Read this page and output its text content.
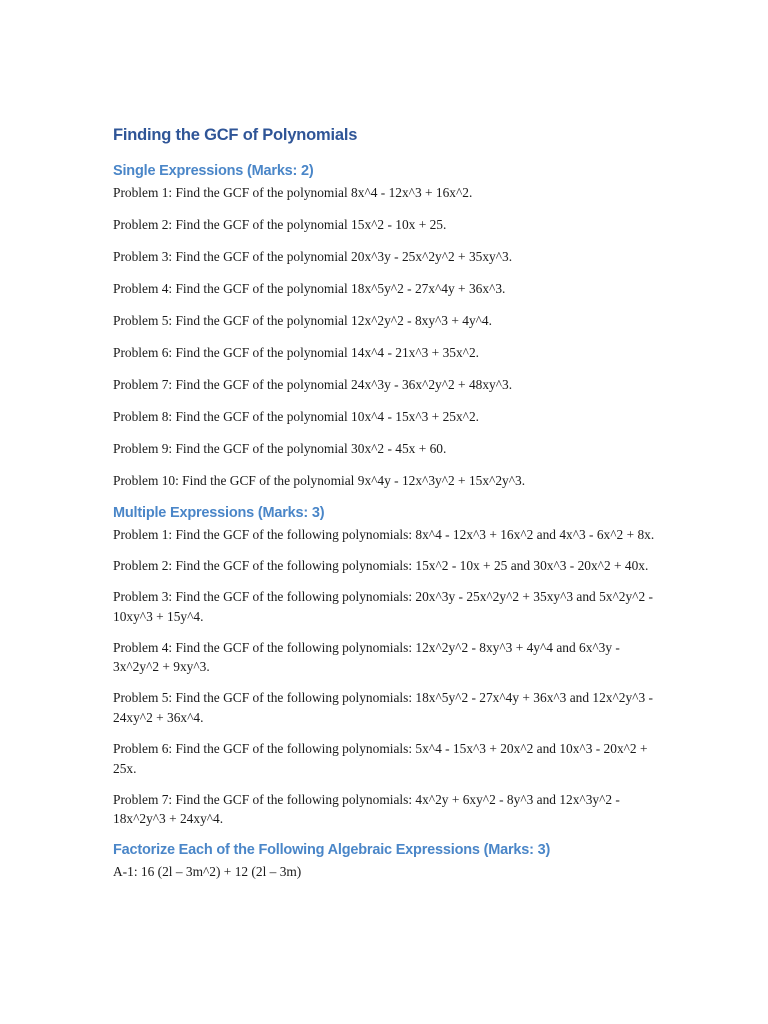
Finding the GCF of Polynomials
Single Expressions (Marks: 2)

Problem 1: Find the GCF of the polynomial 8x^4 - 12x^3 + 16x^2.

Problem 2: Find the GCF of the polynomial 15x^2 - 10x + 25.

Problem 3: Find the GCF of the polynomial 20x^3y - 25x^2y^2 + 35xy^3.

Problem 4: Find the GCF of the polynomial 18x^5y^2 - 27x^4y + 36x^3.

Problem 5: Find the GCF of the polynomial 12x^2y^2 - 8xy^3 + 4y^4.

Problem 6: Find the GCF of the polynomial 14x^4 - 21x^3 + 35x^2.

Problem 7: Find the GCF of the polynomial 24x^3y - 36x^2y^2 + 48xy^3.

Problem 8: Find the GCF of the polynomial 10x^4 - 15x^3 + 25x^2.

Problem 9: Find the GCF of the polynomial 30x^2 - 45x + 60.

Problem 10: Find the GCF of the polynomial 9x^4y - 12x^3y^2 + 15x^2y^3.

Multiple Expressions (Marks: 3)

Problem 1: Find the GCF of the following polynomials: 8x^4 - 12x^3 + 16x^2 and 4x^3 - 6x^2 + 8x.

Problem 2: Find the GCF of the following polynomials: 15x^2 - 10x + 25 and 30x^3 - 20x^2 + 40x.

Problem 3: Find the GCF of the following polynomials: 20x^3y - 25x^2y^2 + 35xy^3 and 5x^2y^2 - 10xy^3 + 15y^4.

Problem 4: Find the GCF of the following polynomials: 12x^2y^2 - 8xy^3 + 4y^4 and 6x^3y - 3x^2y^2 + 9xy^3.

Problem 5: Find the GCF of the following polynomials: 18x^5y^2 - 27x^4y + 36x^3 and 12x^2y^3 - 24xy^2 + 36x^4.

Problem 6: Find the GCF of the following polynomials: 5x^4 - 15x^3 + 20x^2 and 10x^3 - 20x^2 + 25x.

Problem 7: Find the GCF of the following polynomials: 4x^2y + 6xy^2 - 8y^3 and 12x^3y^2 - 18x^2y^3 + 24xy^4.

Factorize Each of the Following Algebraic Expressions (Marks: 3)

A-1: 16 (2l – 3m^2) + 12 (2l – 3m)
